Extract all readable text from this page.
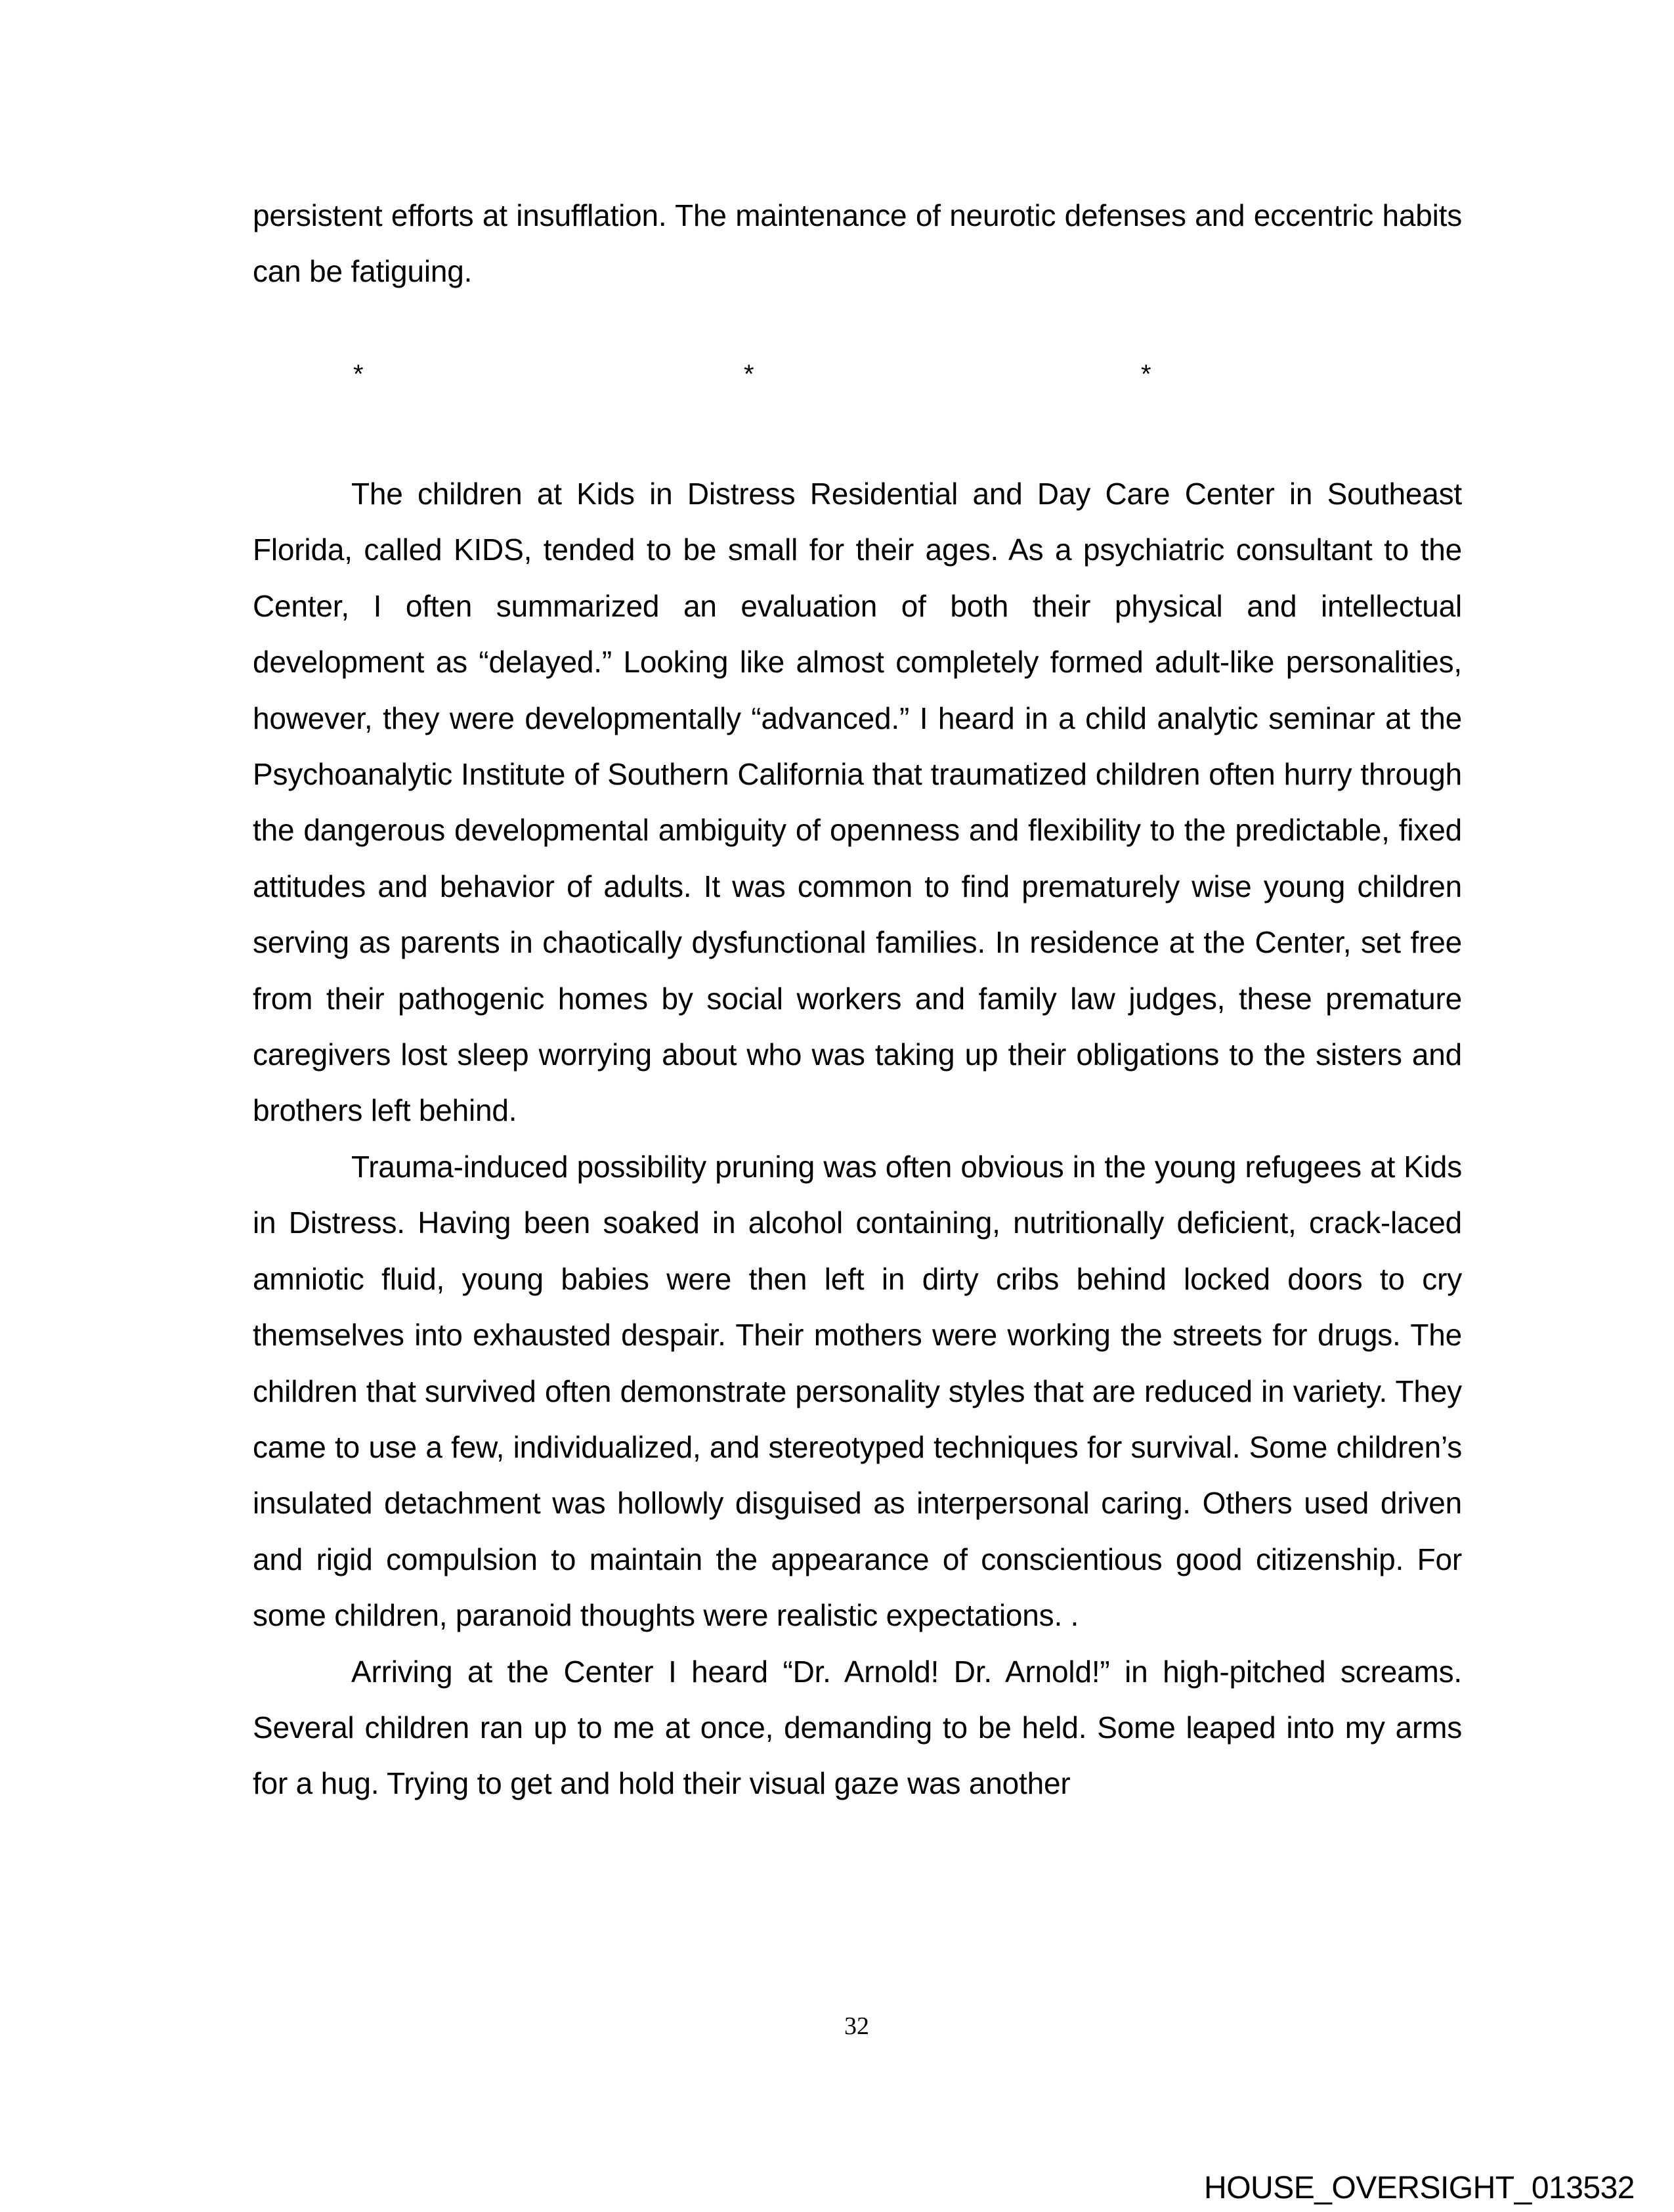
persistent efforts at insufflation. The maintenance of neurotic defenses and eccentric habits can be fatiguing.

*	*	*

The children at Kids in Distress Residential and Day Care Center in Southeast Florida, called KIDS, tended to be small for their ages. As a psychiatric consultant to the Center, I often summarized an evaluation of both their physical and intellectual development as “delayed.” Looking like almost completely formed adult-like personalities, however, they were developmentally “advanced.” I heard in a child analytic seminar at the Psychoanalytic Institute of Southern California that traumatized children often hurry through the dangerous developmental ambiguity of openness and flexibility to the predictable, fixed attitudes and behavior of adults. It was common to find prematurely wise young children serving as parents in chaotically dysfunctional families. In residence at the Center, set free from their pathogenic homes by social workers and family law judges, these premature caregivers lost sleep worrying about who was taking up their obligations to the sisters and brothers left behind.

Trauma-induced possibility pruning was often obvious in the young refugees at Kids in Distress. Having been soaked in alcohol containing, nutritionally deficient, crack-laced amniotic fluid, young babies were then left in dirty cribs behind locked doors to cry themselves into exhausted despair. Their mothers were working the streets for drugs. The children that survived often demonstrate personality styles that are reduced in variety. They came to use a few, individualized, and stereotyped techniques for survival. Some children’s insulated detachment was hollowly disguised as interpersonal caring. Others used driven and rigid compulsion to maintain the appearance of conscientious good citizenship. For some children, paranoid thoughts were realistic expectations. .

Arriving at the Center I heard “Dr. Arnold! Dr. Arnold!” in high-pitched screams. Several children ran up to me at once, demanding to be held. Some leaped into my arms for a hug. Trying to get and hold their visual gaze was another

32
HOUSE_OVERSIGHT_013532
